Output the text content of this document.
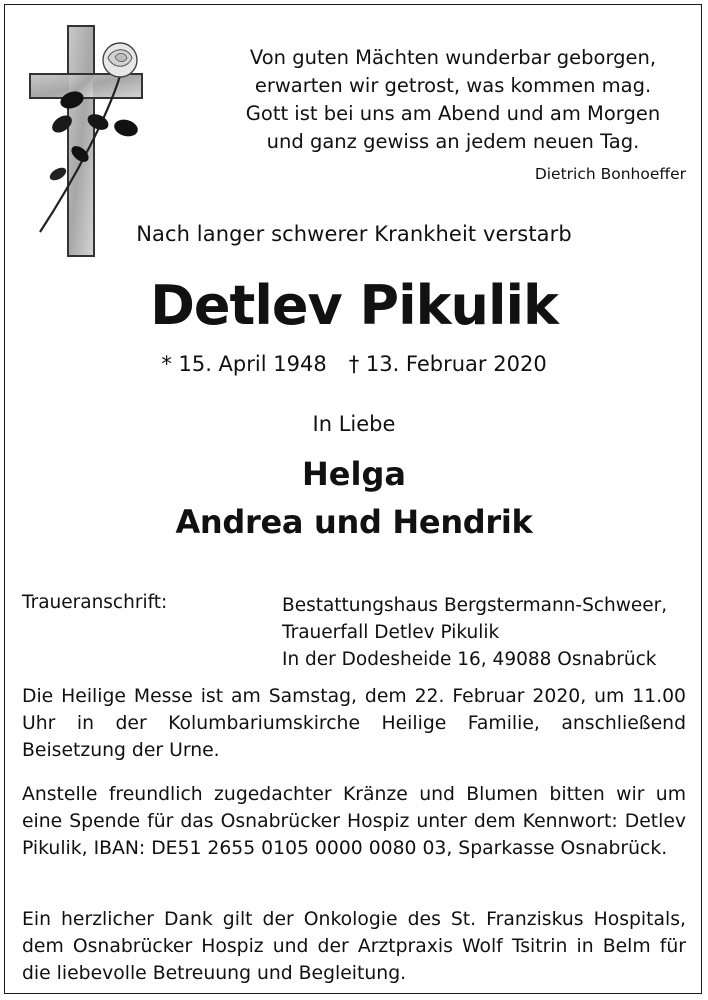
Von guten Mächten wunderbar geborgen,
erwarten wir getrost, was kommen mag.
Gott ist bei uns am Abend und am Morgen
und ganz gewiss an jedem neuen Tag.
Dietrich Bonhoeffer
Nach langer schwerer Krankheit verstarb
Detlev Pikulik
* 15. April 1948 † 13. Februar 2020
In Liebe
Helga
Andrea und Hendrik
Traueranschrift:	Bestattungshaus Bergstermann-Schweer,
Trauerfall Detlev Pikulik
In der Dodesheide 16, 49088 Osnabrück
Die Heilige Messe ist am Samstag, dem 22. Februar 2020, um 11.00 Uhr in der Kolumbariumskirche Heilige Familie, anschließend Beisetzung der Urne.
Anstelle freundlich zugedachter Kränze und Blumen bitten wir um eine Spende für das Osnabrücker Hospiz unter dem Kennwort: Detlev Pikulik, IBAN: DE51 2655 0105 0000 0080 03, Sparkasse Osnabrück.
Ein herzlicher Dank gilt der Onkologie des St. Franziskus Hospitals, dem Osnabrücker Hospiz und der Arztpraxis Wolf Tsitrin in Belm für die liebevolle Betreuung und Begleitung.
